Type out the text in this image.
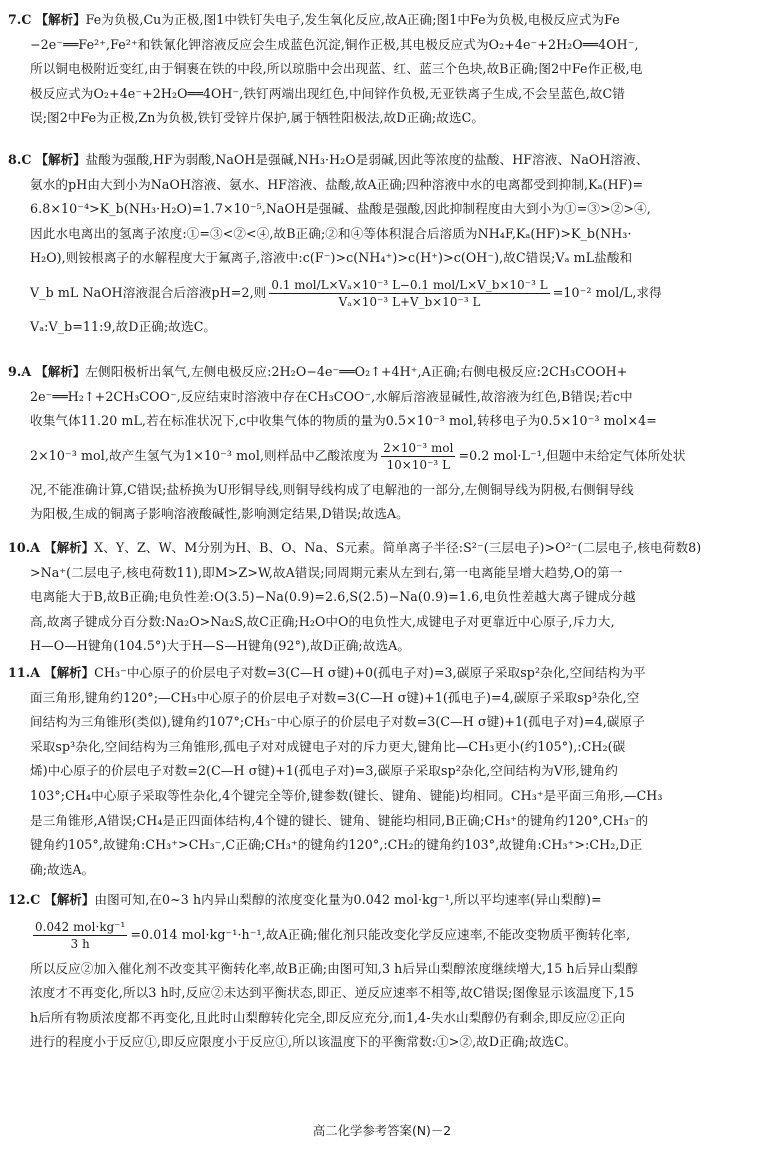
7.C 【解析】Fe为负极,Cu为正极,图1中铁钉失电子,发生氧化反应,故A正确;图1中Fe为负极,电极反应式为Fe

−2e⁻══Fe²⁺,Fe²⁺和铁氰化钾溶液反应会生成蓝色沉淀,铜作正极,其电极反应式为O₂+4e⁻+2H₂O══4OH⁻,

所以铜电极附近变红,由于铜裹在铁的中段,所以琼脂中会出现蓝、红、蓝三个色块,故B正确;图2中Fe作正极,电

极反应式为O₂+4e⁻+2H₂O══4OH⁻,铁钉两端出现红色,中间锌作负极,无亚铁离子生成,不会呈蓝色,故C错

误;图2中Fe为正极,Zn为负极,铁钉受锌片保护,属于牺牲阳极法,故D正确;故选C。

8.C 【解析】盐酸为强酸,HF为弱酸,NaOH是强碱,NH₃·H₂O是弱碱,因此等浓度的盐酸、HF溶液、NaOH溶液、

氨水的pH由大到小为NaOH溶液、氨水、HF溶液、盐酸,故A正确;四种溶液中水的电离都受到抑制,Kₐ(HF)=

6.8×10⁻⁴>K_b(NH₃·H₂O)=1.7×10⁻⁵,NaOH是强碱、盐酸是强酸,因此抑制程度由大到小为①=③>②>④,

因此水电离出的氢离子浓度:①=③<②<④,故B正确;②和④等体积混合后溶质为NH₄F,Kₐ(HF)>K_b(NH₃·

H₂O),则铵根离子的水解程度大于氟离子,溶液中:c(F⁻)>c(NH₄⁺)>c(H⁺)>c(OH⁻),故C错误;Vₐ mL盐酸和

V_b mL NaOH溶液混合后溶液pH=2,则 $\frac{\text{0.1 mol/L×Vₐ×10⁻³ L−0.1 mol/L×V\_b×10⁻³ L}}{\text{Vₐ×10⁻³ L+V\_b×10⁻³ L}} =10^{-2}$ mol/L,求得

Vₐ:V_b=11:9,故D正确;故选C。

9.A 【解析】左侧阳极析出氧气,左侧电极反应:2H₂O−4e⁻══O₂↑+4H⁺,A正确;右侧电极反应:2CH₃COOH+

2e⁻══H₂↑+2CH₃COO⁻,反应结束时溶液中存在CH₃COO⁻,水解后溶液显碱性,故溶液为红色,B错误;若c中

收集气体11.20 mL,若在标准状况下,c中收集气体的物质的量为0.5×10⁻³ mol,转移电子为0.5×10⁻³ mol×4=

2×10⁻³ mol,故产生氢气为1×10⁻³ mol,则样品中乙酸浓度为 $\frac{\text{2×10⁻³ mol}}{\text{10×10⁻³ L}} =0.2$ mol·L⁻¹,但题中未给定气体所处状

况,不能准确计算,C错误;盐桥换为U形铜导线,则铜导线构成了电解池的一部分,左侧铜导线为阴极,右侧铜导线

为阳极,生成的铜离子影响溶液酸碱性,影响测定结果,D错误;故选A。

10.A 【解析】X、Y、Z、W、M分别为H、B、O、Na、S元素。简单离子半径:S²⁻(三层电子)>O²⁻(二层电子,核电荷数8)

>Na⁺(二层电子,核电荷数11),即M>Z>W,故A错误;同周期元素从左到右,第一电离能呈增大趋势,O的第一

电离能大于B,故B正确;电负性差:O(3.5)−Na(0.9)=2.6,S(2.5)−Na(0.9)=1.6,电负性差越大离子键成分越

高,故离子键成分百分数:Na₂O>Na₂S,故C正确;H₂O中O的电负性大,成键电子对更靠近中心原子,斥力大,

H—O—H键角(104.5°)大于H—S—H键角(92°),故D正确;故选A。

11.A 【解析】CH₃⁻中心原子的价层电子对数=3(C—H σ键)+0(孤电子对)=3,碳原子采取sp²杂化,空间结构为平

面三角形,键角约120°;—CH₃中心原子的价层电子对数=3(C—H σ键)+1(孤电子)=4,碳原子采取sp³杂化,空

间结构为三角锥形(类似),键角约107°;CH₃⁻中心原子的价层电子对数=3(C—H σ键)+1(孤电子对)=4,碳原子

采取sp³杂化,空间结构为三角锥形,孤电子对对成键电子对的斥力更大,键角比—CH₃更小(约105°),:CH₂(碳

烯)中心原子的价层电子对数=2(C—H σ键)+1(孤电子对)=3,碳原子采取sp²杂化,空间结构为V形,键角约

103°;CH₄中心原子采取等性杂化,4个键完全等价,键参数(键长、键角、键能)均相同。CH₃⁺是平面三角形,—CH₃

是三角锥形,A错误;CH₄是正四面体结构,4个键的键长、键角、键能均相同,B正确;CH₃⁺的键角约120°,CH₃⁻的

键角约105°,故键角:CH₃⁺>CH₃⁻,C正确;CH₃⁺的键角约120°,:CH₂的键角约103°,故键角:CH₃⁺>:CH₂,D正

确;故选A。

12.C 【解析】由图可知,在0~3 h内异山梨醇的浓度变化量为0.042 mol·kg⁻¹,所以平均速率(异山梨醇)=

$\frac{\text{0.042 mol·kg⁻¹}}{3 h} =0.014$ mol·kg⁻¹·h⁻¹,故A正确;催化剂只能改变化学反应速率,不能改变物质平衡转化率,

所以反应②加入催化剂不改变其平衡转化率,故B正确;由图可知,3 h后异山梨醇浓度继续增大,15 h后异山梨醇

浓度才不再变化,所以3 h时,反应②未达到平衡状态,即正、逆反应速率不相等,故C错误;图像显示该温度下,15

h后所有物质浓度都不再变化,且此时山梨醇转化完全,即反应充分,而1,4-失水山梨醇仍有剩余,即反应②正向

进行的程度小于反应①,即反应限度小于反应①,所以该温度下的平衡常数:①>②,故D正确;故选C。

高二化学参考答案(N)－2
